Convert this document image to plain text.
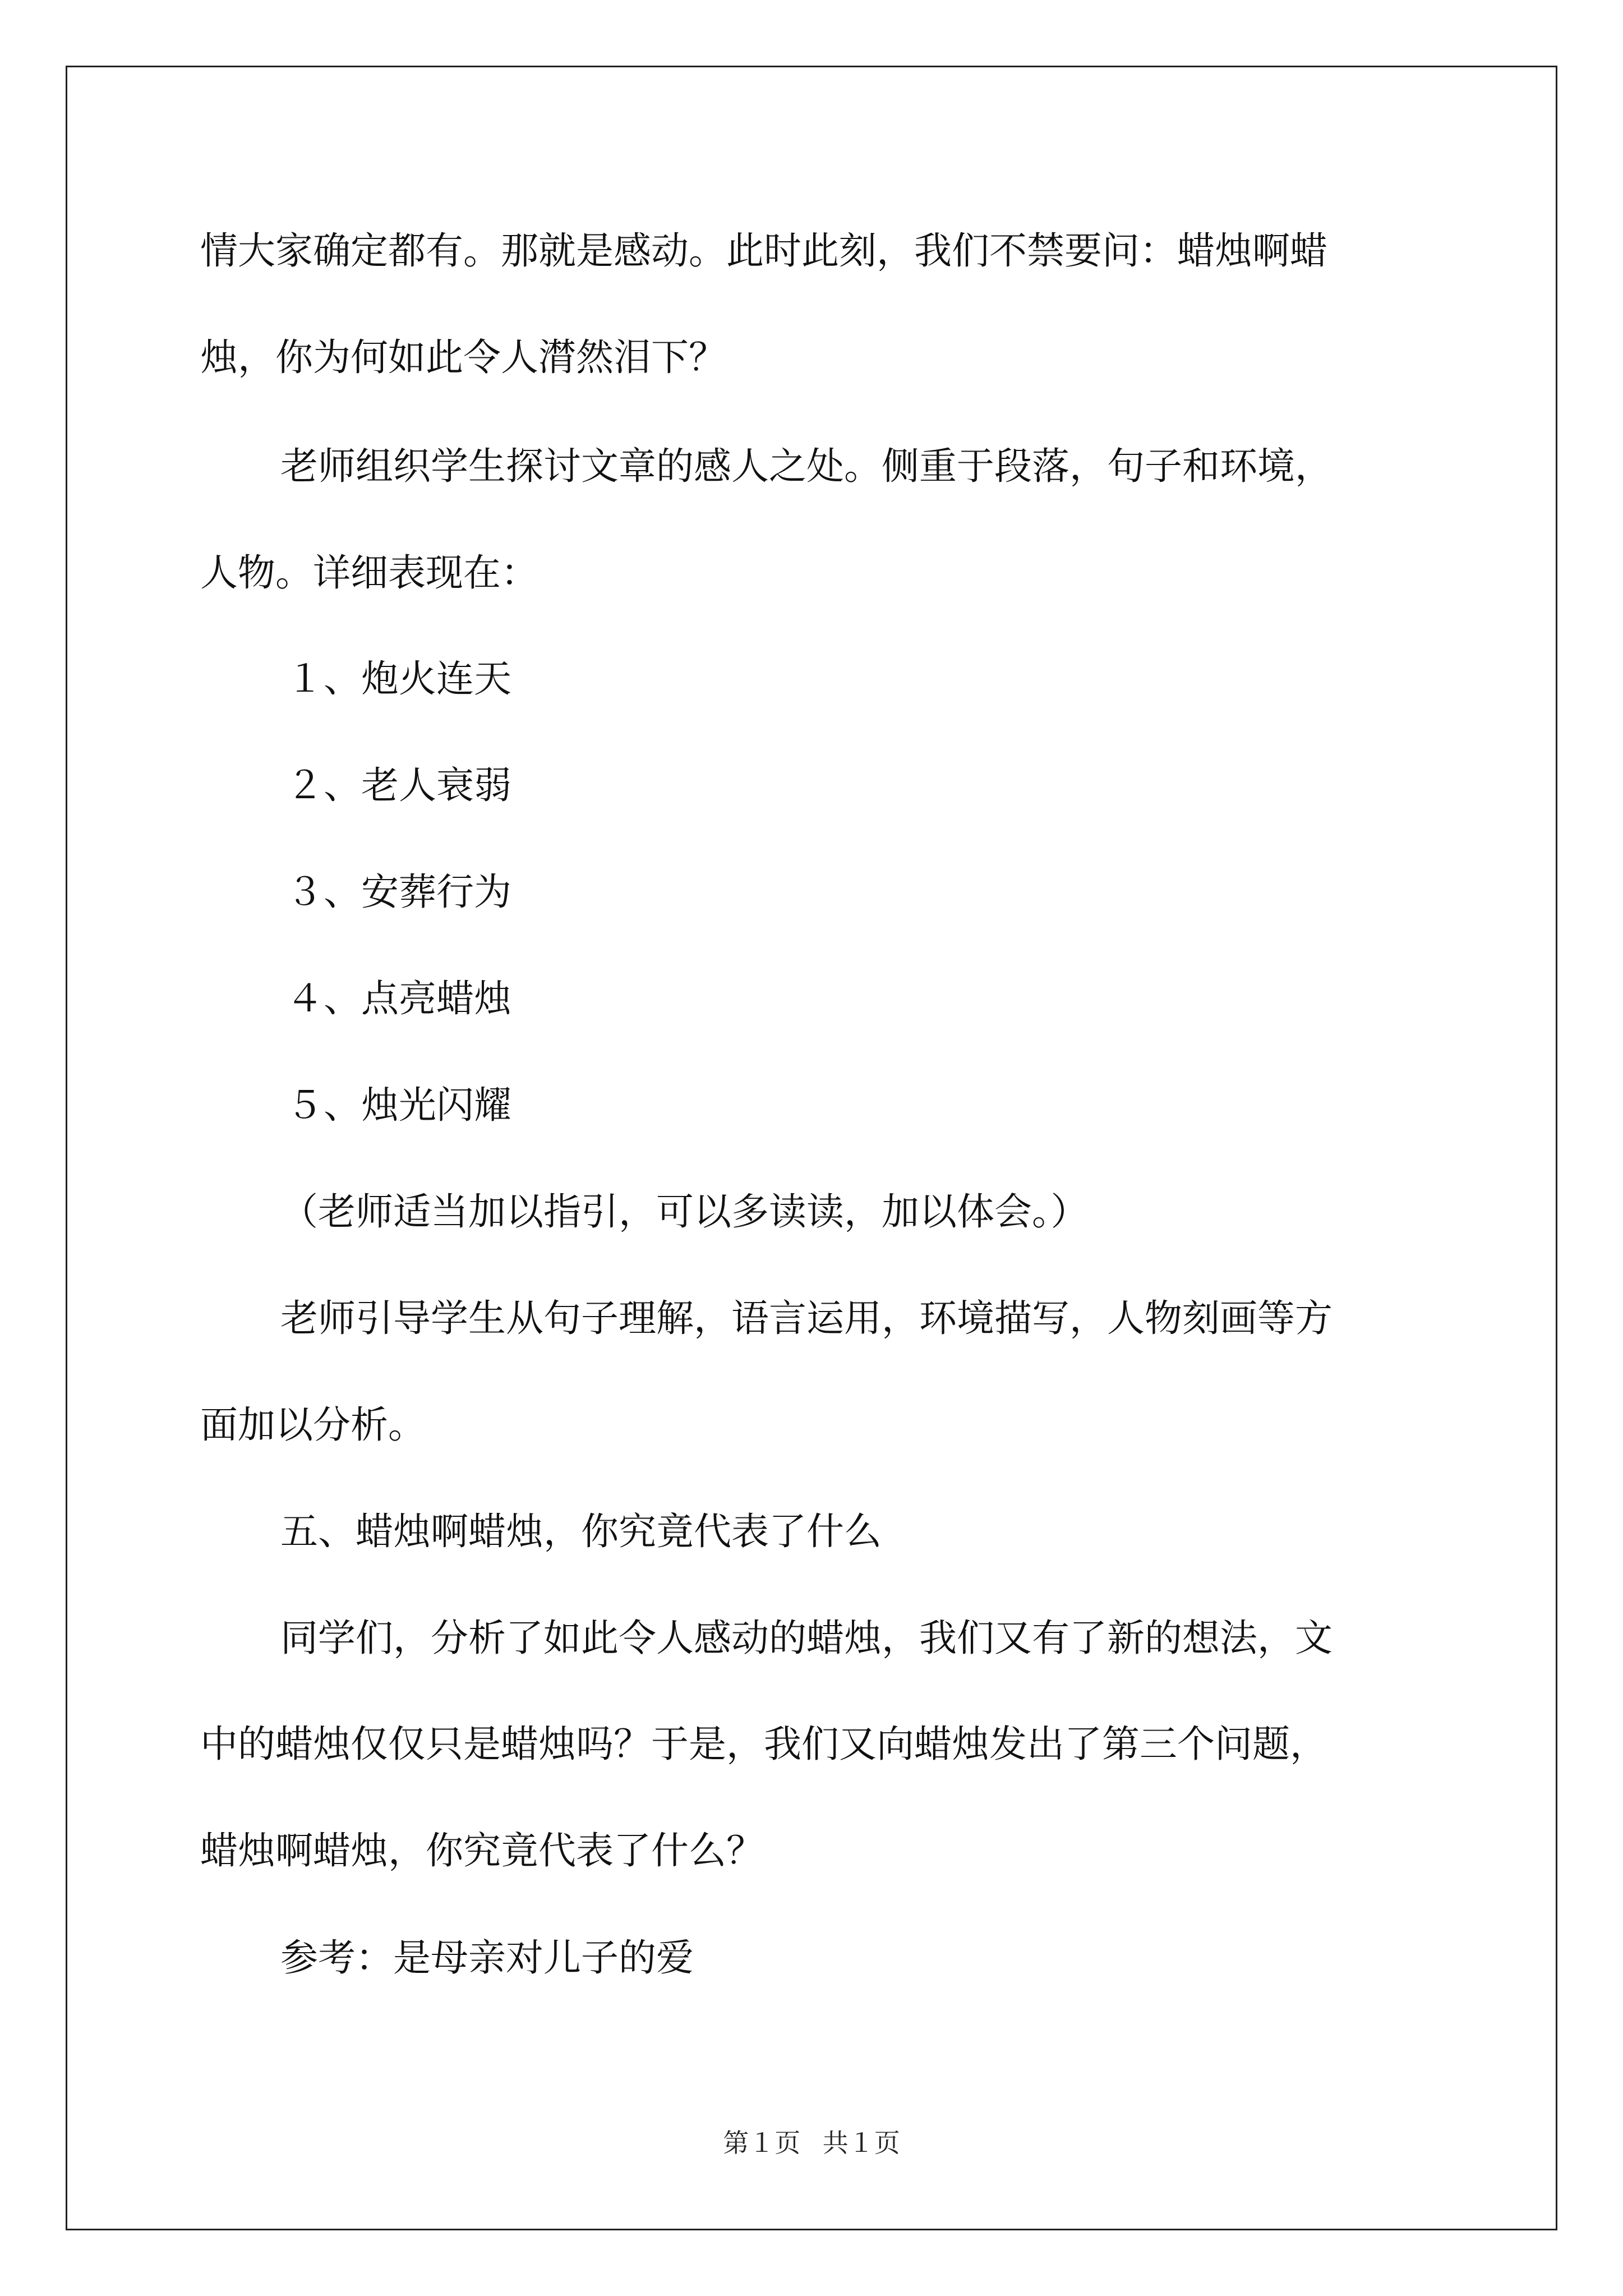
情大家确定都有。那就是感动。此时此刻，我们不禁要问：蜡烛啊蜡
烛，你为何如此令人潸然泪下？
老师组织学生探讨文章的感人之处。侧重于段落，句子和环境，
人物。详细表现在：
１、炮火连天
２、老人衰弱
３、安葬行为
４、点亮蜡烛
５、烛光闪耀
（老师适当加以指引，可以多读读，加以体会。）
老师引导学生从句子理解，语言运用，环境描写，人物刻画等方
面加以分析。
五、蜡烛啊蜡烛，你究竟代表了什么
同学们，分析了如此令人感动的蜡烛，我们又有了新的想法，文
中的蜡烛仅仅只是蜡烛吗？于是，我们又向蜡烛发出了第三个问题，
蜡烛啊蜡烛，你究竟代表了什么？
参考：是母亲对儿子的爱
第１页 共１页
